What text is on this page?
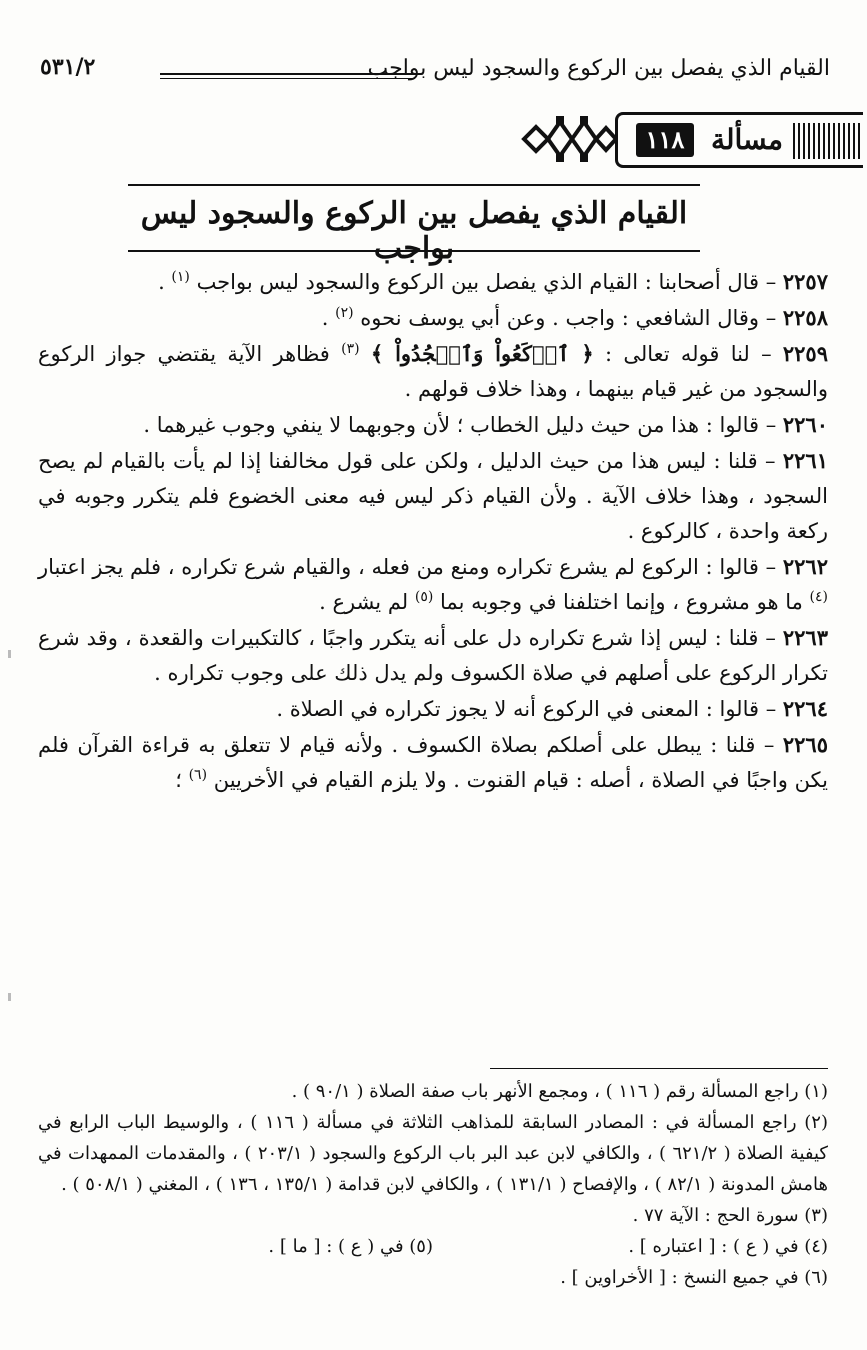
القيام الذي يفصل بين الركوع والسجود ليس بواجب
٥٣١/٢
مسألة
١١٨
القيام الذي يفصل بين الركوع والسجود ليس بواجب

٢٢٥٧ – قال أصحابنا : القيام الذي يفصل بين الركوع والسجود ليس بواجب $^{(١)}$ .

٢٢٥٨ – وقال الشافعي : واجب . وعن أبي يوسف نحوه $^{(٢)}$ .

٢٢٥٩ – لنا قوله تعالى : ﴿ ٱرۡكَعُواْ وَٱسۡجُدُواْ ﴾ $^{(٣)}$ فظاهر الآية يقتضي جواز الركوع والسجود من غير قيام بينهما ، وهذا خلاف قولهم .

٢٢٦٠ – قالوا : هذا من حيث دليل الخطاب ؛ لأن وجوبهما لا ينفي وجوب غيرهما .

٢٢٦١ – قلنا : ليس هذا من حيث الدليل ، ولكن على قول مخالفنا إذا لم يأت بالقيام لم يصح السجود ، وهذا خلاف الآية . ولأن القيام ذكر ليس فيه معنى الخضوع فلم يتكرر وجوبه في ركعة واحدة ، كالركوع .

٢٢٦٢ – قالوا : الركوع لم يشرع تكراره ومنع من فعله ، والقيام شرع تكراره ، فلم يجز اعتبار $^{(٤)}$ ما هو مشروع ، وإنما اختلفنا في وجوبه بما $^{(٥)}$ لم يشرع .

٢٢٦٣ – قلنا : ليس إذا شرع تكراره دل على أنه يتكرر واجبًا ، كالتكبيرات والقعدة ، وقد شرع تكرار الركوع على أصلهم في صلاة الكسوف ولم يدل ذلك على وجوب تكراره .

٢٢٦٤ – قالوا : المعنى في الركوع أنه لا يجوز تكراره في الصلاة .

٢٢٦٥ – قلنا : يبطل على أصلكم بصلاة الكسوف . ولأنه قيام لا تتعلق به قراءة القرآن فلم يكن واجبًا في الصلاة ، أصله : قيام القنوت . ولا يلزم القيام في الأخريين $^{(٦)}$ ؛

(١) راجع المسألة رقم ( ١١٦ ) ، ومجمع الأنهر باب صفة الصلاة ( ٩٠/١ ) .

(٢) راجع المسألة في : المصادر السابقة للمذاهب الثلاثة في مسألة ( ١١٦ ) ، والوسيط الباب الرابع في كيفية الصلاة ( ٦٢١/٢ ) ، والكافي لابن عبد البر باب الركوع والسجود ( ٢٠٣/١ ) ، والمقدمات الممهدات في هامش المدونة ( ٨٢/١ ) ، والإفصاح ( ١٣١/١ ) ، والكافي لابن قدامة ( ١٣٥/١ ، ١٣٦ ) ، المغني ( ٥٠٨/١ ) .

(٣) سورة الحج : الآية ٧٧ .

(٤) في ( ع ) : [ اعتباره ] .

(٥) في ( ع ) : [ ما ] .

(٦) في جميع النسخ : [ الأخراوين ] .
